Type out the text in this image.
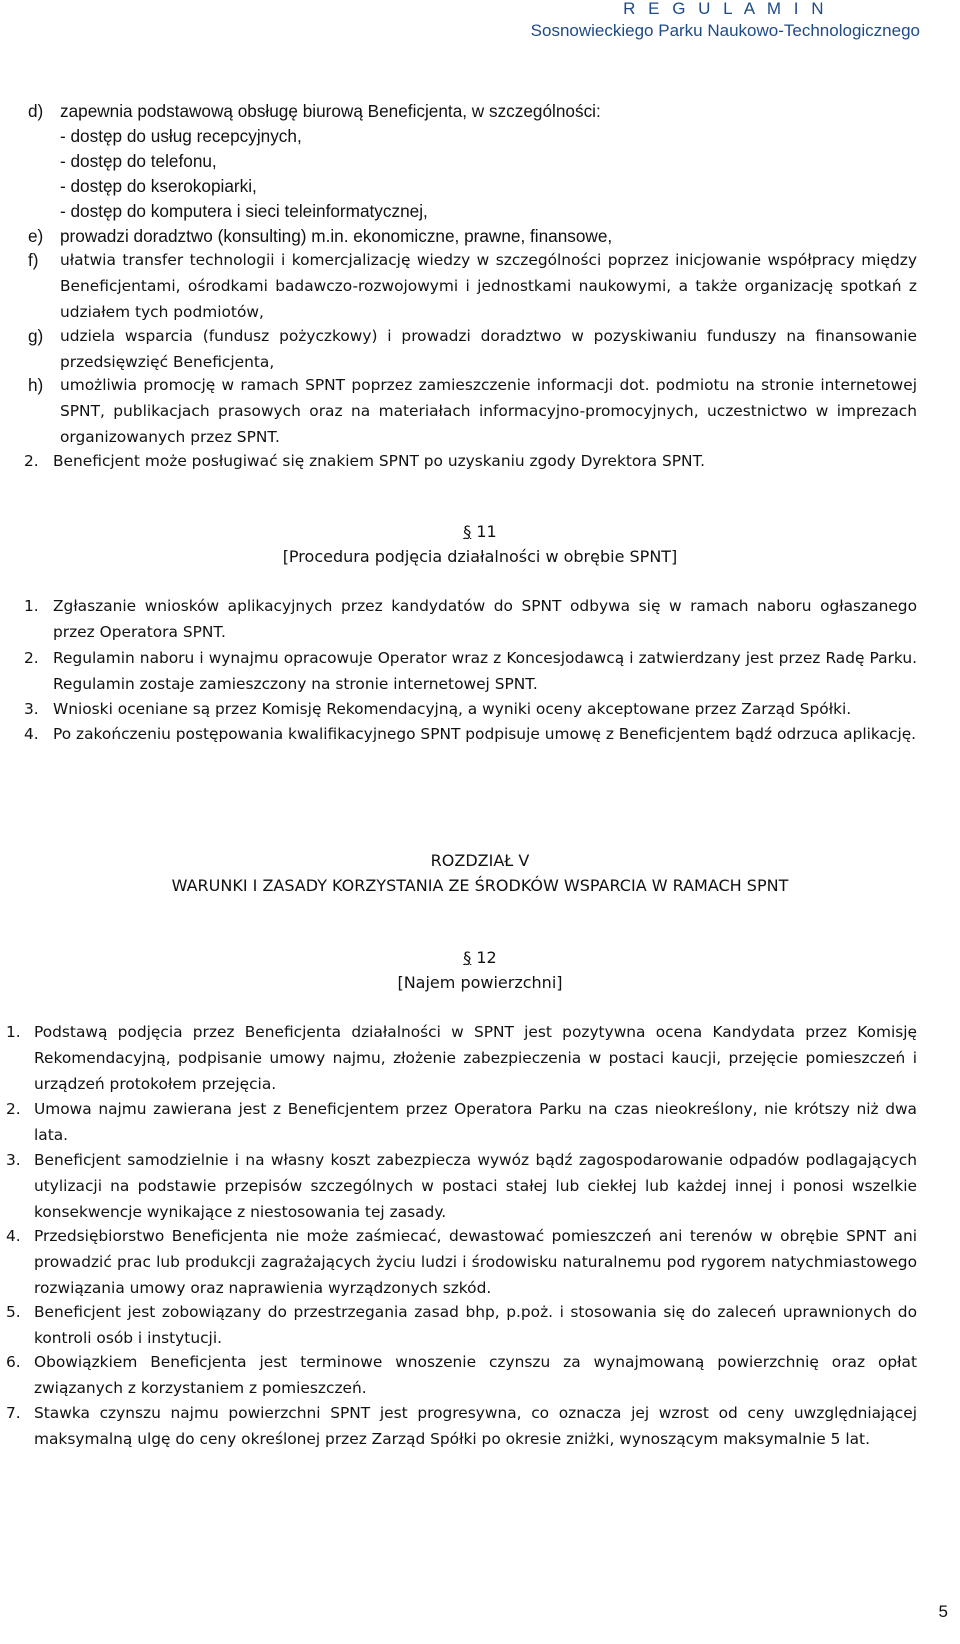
R E G U L A M I N
Sosnowieckiego Parku Naukowo-Technologicznego
d) zapewnia podstawową obsługę biurową Beneficjenta, w szczególności:
- dostęp do usług recepcyjnych,
- dostęp do telefonu,
- dostęp do kserokopiarki,
- dostęp do komputera i sieci teleinformatycznej,
e) prowadzi doradztwo (konsulting) m.in. ekonomiczne, prawne, finansowe,
f) ułatwia transfer technologii i komercjalizację wiedzy w szczególności poprzez inicjowanie współpracy między Beneficjentami, ośrodkami badawczo-rozwojowymi i jednostkami naukowymi, a także organizację spotkań z udziałem tych podmiotów,
g) udziela wsparcia (fundusz pożyczkowy) i prowadzi doradztwo w pozyskiwaniu funduszy na finansowanie przedsięwzięć Beneficjenta,
h) umożliwia promocję w ramach SPNT poprzez zamieszczenie informacji dot. podmiotu na stronie internetowej SPNT, publikacjach prasowych oraz na materiałach informacyjno-promocyjnych, uczestnictwo w imprezach organizowanych przez SPNT.
2. Beneficjent może posługiwać się znakiem SPNT po uzyskaniu zgody Dyrektora SPNT.
§ 11
[Procedura podjęcia działalności w obrębie SPNT]
1. Zgłaszanie wniosków aplikacyjnych przez kandydatów do SPNT odbywa się w ramach naboru ogłaszanego przez Operatora SPNT.
2. Regulamin naboru i wynajmu opracowuje Operator wraz z Koncesjodawcą i zatwierdzany jest przez Radę Parku. Regulamin zostaje zamieszczony na stronie internetowej SPNT.
3. Wnioski oceniane są przez Komisję Rekomendacyjną, a wyniki oceny akceptowane przez Zarząd Spółki.
4. Po zakończeniu postępowania kwalifikacyjnego SPNT podpisuje umowę z Beneficjentem bądź odrzuca aplikację.
ROZDZIAŁ V
WARUNKI I ZASADY KORZYSTANIA ZE ŚRODKÓW WSPARCIA W RAMACH SPNT
§ 12
[Najem powierzchni]
1. Podstawą podjęcia przez Beneficjenta działalności w SPNT jest pozytywna ocena Kandydata przez Komisję Rekomendacyjną, podpisanie umowy najmu, złożenie zabezpieczenia w postaci kaucji, przejęcie pomieszczeń i urządzeń protokołem przejęcia.
2. Umowa najmu zawierana jest z Beneficjentem przez Operatora Parku na czas nieokreślony, nie krótszy niż dwa lata.
3. Beneficjent samodzielnie i na własny koszt zabezpiecza wywóz bądź zagospodarowanie odpadów podlagających utylizacji na podstawie przepisów szczególnych w postaci stałej lub ciekłej lub każdej innej i ponosi wszelkie konsekwencje wynikające z niestosowania tej zasady.
4. Przedsiębiorstwo Beneficjenta nie może zaśmiecać, dewastować pomieszczeń ani terenów w obrębie SPNT ani prowadzić prac lub produkcji zagrażających życiu ludzi i środowisku naturalnemu pod rygorem natychmiastowego rozwiązania umowy oraz naprawienia wyrządzonych szkód.
5. Beneficjent jest zobowiązany do przestrzegania zasad bhp, p.poż. i stosowania się do zaleceń uprawnionych do kontroli osób i instytucji.
6. Obowiązkiem Beneficjenta jest terminowe wnoszenie czynszu za wynajmowaną powierzchnię oraz opłat związanych z korzystaniem z pomieszczeń.
7. Stawka czynszu najmu powierzchni SPNT jest progresywna, co oznacza jej wzrost od ceny uwzględniającej maksymalną ulgę do ceny określonej przez Zarząd Spółki po okresie zniżki, wynoszącym maksymalnie 5 lat.
5
